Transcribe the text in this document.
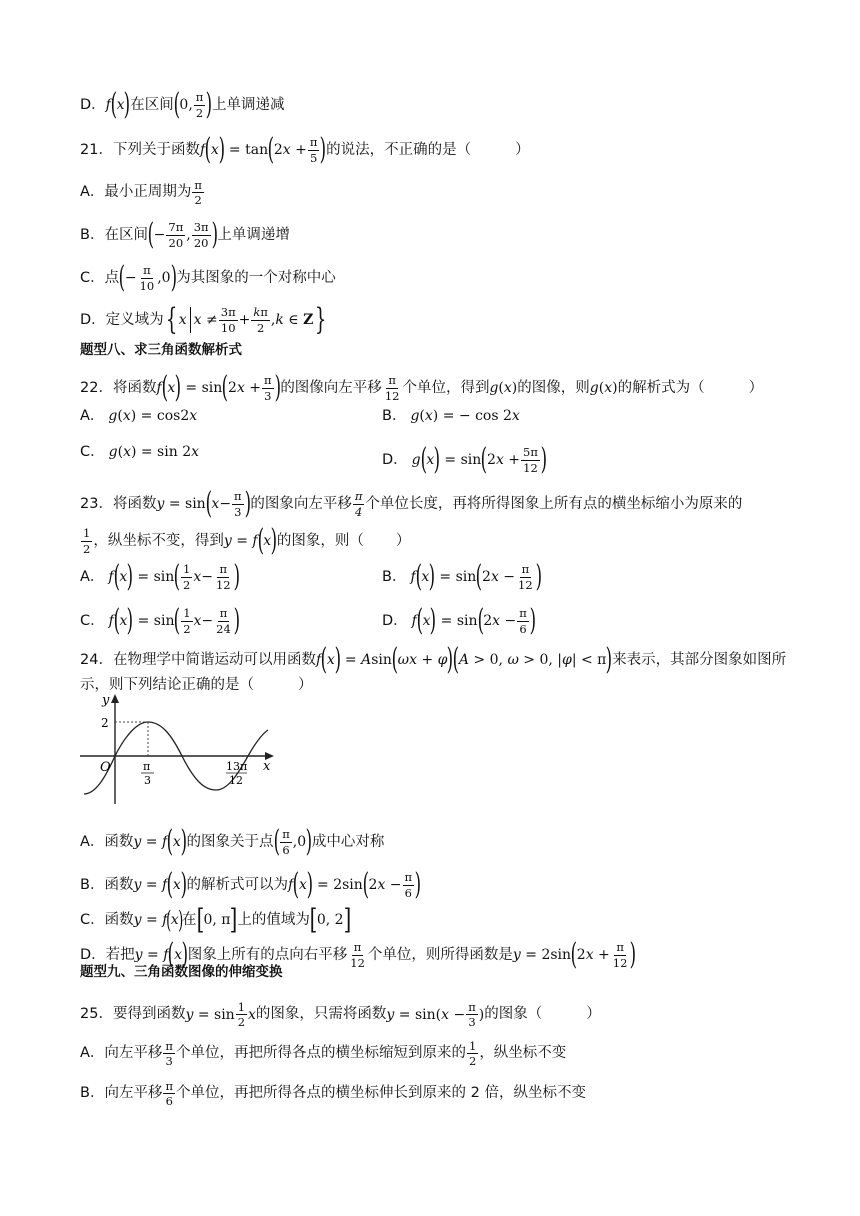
D． f ( x ) 在区间 ( 0, $\frac{\pi}{2}$ ) 上单调递减
21． 下列关于函数 f ( x ) = tan ( $2x + \frac{\pi}{5}$ ) 的说法，不正确的是（	）
A． 最小正周期为 $\frac{\pi}{2}$
B． 在区间 ( − $\frac{7\pi}{20}$ , $\frac{3\pi}{20}$ ) 上单调递增
C． 点 ( − $\frac{\pi}{10} ,0$ ) 为其图象的一个对称中心
D． 定义域为 { x $x \ne \frac{3\pi}{10} + \frac{k\pi}{2} ,k$ ∈ Z }
题型八、求三角函数解析式
22． 将函数 f ( x ) = sin ( $2x + \frac{\pi}{3}$ ) 的图像向左平移 $\frac{\pi}{12}$ 个单位，得到 g(x) 的图像，则 g(x) 的解析式为（	）
A． g(x) = cos2x	B． g(x) = − cos 2x
C． g(x) = sin 2x	D． g ( x ) = sin ( $2x + \frac{5\pi}{12}$ )
23． 将函数 y = sin ( $x - \frac{\pi}{3}$ ) 的图象向左平移 $\frac{\pi}{4}$ 个单位长度，再将所得图象上所有点的横坐标缩小为原来的
$\frac{1}{2}$ ，纵坐标不变，得到 y = f ( x ) 的图象，则（ ）
A． f ( x ) = sin ( $\frac{1}{2}$ $x - \frac{\pi}{12}$ )	B． f ( x ) = sin ( $2x - \frac{\pi}{12}$ )
C． f ( x ) = sin ( $\frac{1}{2}$ $x - \frac{\pi}{24}$ )	D． f ( x ) = sin ( $2x - \frac{\pi}{6}$ )
24． 在物理学中简谐运动可以用函数 f ( x ) = Asin ( ωx + φ ) ( A > 0, ω > 0, |φ| < π ) 来表示，其部分图象如图所
示，则下列结论正确的是（	）
y
x
O
2
π
3
13π
12
A． 函数 y = f ( x ) 的图象关于点 ( $\frac{\pi}{6} ,0$ ) 成中心对称
B． 函数 y = f ( x ) 的解析式可以为 f ( x ) = 2sin ( $2x - \frac{\pi}{6}$ )
C． 函数 y = f ( x ) 在 [ 0, π ] 上的值域为 [ 0, 2 ]
D． 若把 y = f ( x ) 图象上所有的点向右平移 $\frac{\pi}{12}$ 个单位，则所得函数是 y = 2sin ( $2x + \frac{\pi}{12}$ )
题型九、三角函数图像的伸缩变换
25． 要得到函数 $y = \sin \frac{1}{2}$ x 的图象，只需将函数 $y = \sin(x - \frac{\pi}{3}$ ) 的图象（	）
A． 向左平移 $\frac{\pi}{3}$ 个单位，再把所得各点的横坐标缩短到原来的 $\frac{1}{2}$ ，纵坐标不变
B． 向左平移 $\frac{\pi}{6}$ 个单位，再把所得各点的横坐标伸长到原来的 2 倍，纵坐标不变
